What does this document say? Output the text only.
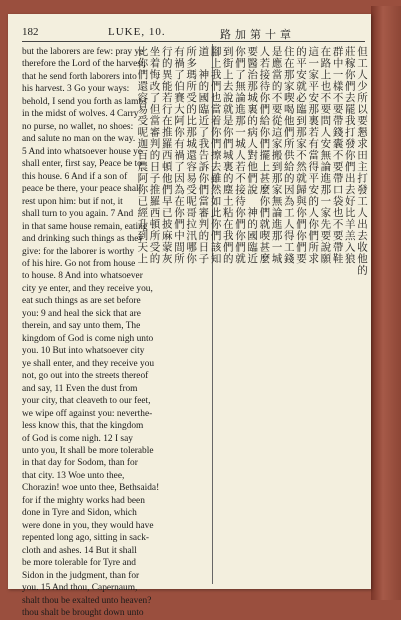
182	LUKE, 10.	路加第十章
but the laborers are few: pray ye
therefore the Lord of the harvest,
that he send forth laborers into
his harvest. 3 Go your ways:
behold, I send you forth as lambs
in the midst of wolves. 4 Carry
no purse, no wallet, no shoes:
and salute no man on the way.
5 And into whatsoever house ye
shall enter, first say, Peace be to
this house. 6 And if a son of
peace be there, your peace shall
rest upon him: but if not, it
shall turn to you again. 7 And
in that same house remain, eating
and drinking such things as they
give: for the laborer is worthy
of his hire. Go not from house
to house. 8 And into whatsoever
city ye enter, and they receive you,
eat such things as are set before
you: 9 and heal the sick that are
therein, and say unto them, The
kingdom of God is come nigh unto
you. 10 But into whatsoever city
ye shall enter, and they receive you
not, go out into the streets thereof
and say, 11 Even the dust from
your city, that cleaveth to our feet,
we wipe off against you: neverthe-
less know this, that the kingdom
of God is come nigh. 12 I say
unto you, It shall be more tolerable
in that day for Sodom, than for
that city. 13 Woe unto thee,
Chorazin! woe unto thee, Bethsaida!
for if the mighty works had been
done in Tyre and Sidon, which
were done in you, they would have
repented long ago, sitting in sack-
cloth and ashes. 14 But it shall
be more tolerable for Tyre and
Sidon in the judgment, than for
you. 15 And thou, Capernaum,
shalt thou be exalted unto heaven?
thou shalt be brought down unto
但工人少所以要懇求田主打發工人出去收他的
莊稼你們去罷我打發你們出去好比羊羔入狼
群中一樣不要帶錢囊不要帶口袋也不要帶鞋
在路上也不要問人安無論進那一家先要說願
這一家平安那裏若有當得平安的人你們所求
的平安就必臨到那家不然就歸與你們你們要
住在那家喫喝他們所供給的因為工人得工錢
是應當的不要從這家搬到那家無論進那一城
人若接待你們給你們擺上甚麼你們就喫甚麼
要醫治那城裏的病人對他們說　神的國臨近
你們了無論進那一城人若不接待你們你們就
到街上去說就是你們城裏的塵土粘在我們的
腳上我們也當着你們擦去雖然如此你們該知
道　神的國臨近了我告訴你們當審判的日子
所多瑪所受的比那城還容易受呢哥拉汛哪你
有禍了伯賽大阿你有禍了因為在你們中間所
行的異能若行在推羅西頓他們早已披麻蒙灰
坐着悔改了但當審判的日子推羅西頓所受的
比你們還容易受呢迦百農阿你已經升到天上
